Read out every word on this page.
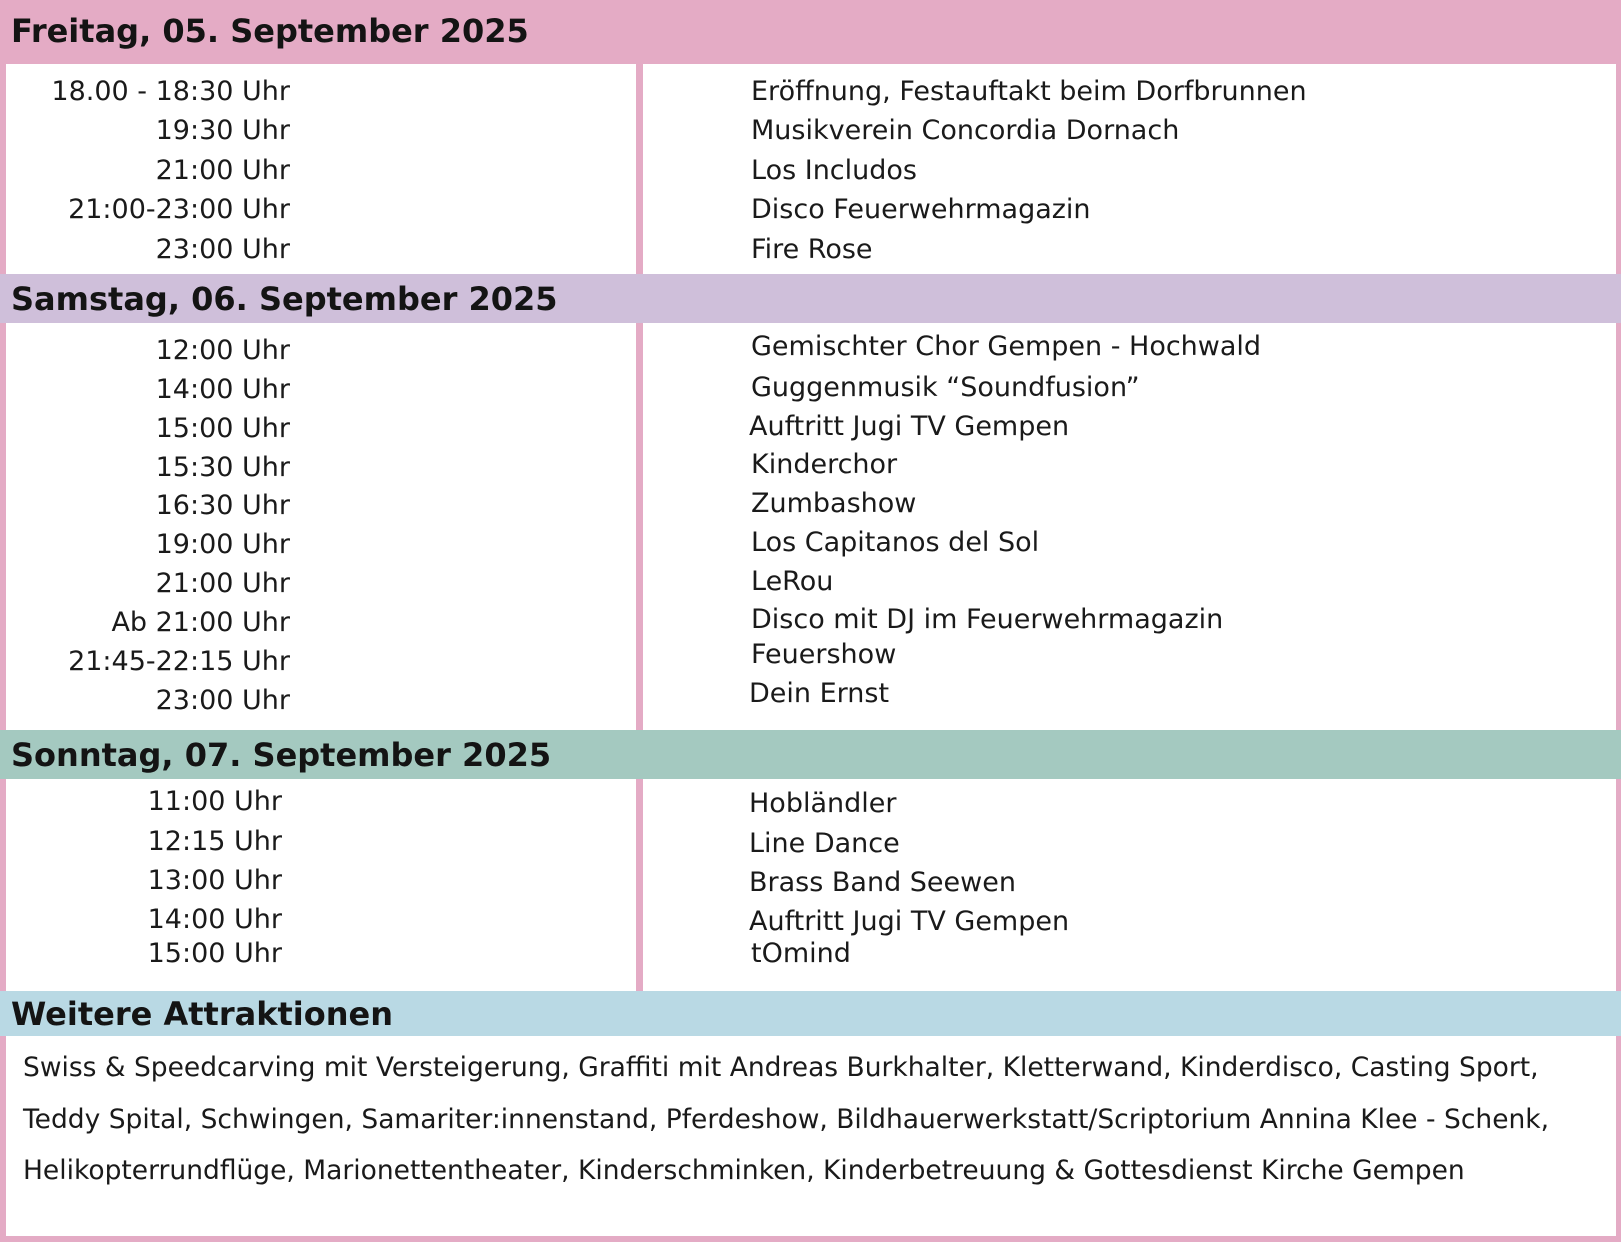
Freitag, 05. September 2025
18.00 - 18:30 Uhr	Eröffnung, Festauftakt beim Dorfbrunnen
19:30 Uhr	Musikverein Concordia Dornach
21:00 Uhr	Los Includos
21:00-23:00 Uhr	Disco Feuerwehrmagazin
23:00 Uhr	Fire Rose
Samstag, 06. September 2025
12:00 Uhr	Gemischter Chor Gempen - Hochwald
14:00 Uhr	Guggenmusik “Soundfusion”
15:00 Uhr	Auftritt Jugi TV Gempen
15:30 Uhr	Kinderchor
16:30 Uhr	Zumbashow
19:00 Uhr	Los Capitanos del Sol
21:00 Uhr	LeRou
Ab 21:00 Uhr	Disco mit DJ im Feuerwehrmagazin
21:45-22:15 Uhr	Feuershow
23:00 Uhr	Dein Ernst
Sonntag, 07. September 2025
11:00 Uhr	Hobländler
12:15 Uhr	Line Dance
13:00 Uhr	Brass Band Seewen
14:00 Uhr	Auftritt Jugi TV Gempen
15:00 Uhr	tOmind
Weitere Attraktionen

Swiss & Speedcarving mit Versteigerung, Graffiti mit Andreas Burkhalter, Kletterwand, Kinderdisco, Casting Sport, Teddy Spital, Schwingen, Samariter:innenstand, Pferdeshow, Bildhauerwerkstatt/Scriptorium Annina Klee - Schenk, Helikopterrundflüge, Marionettentheater, Kinderschminken, Kinderbetreuung & Gottesdienst Kirche Gempen
